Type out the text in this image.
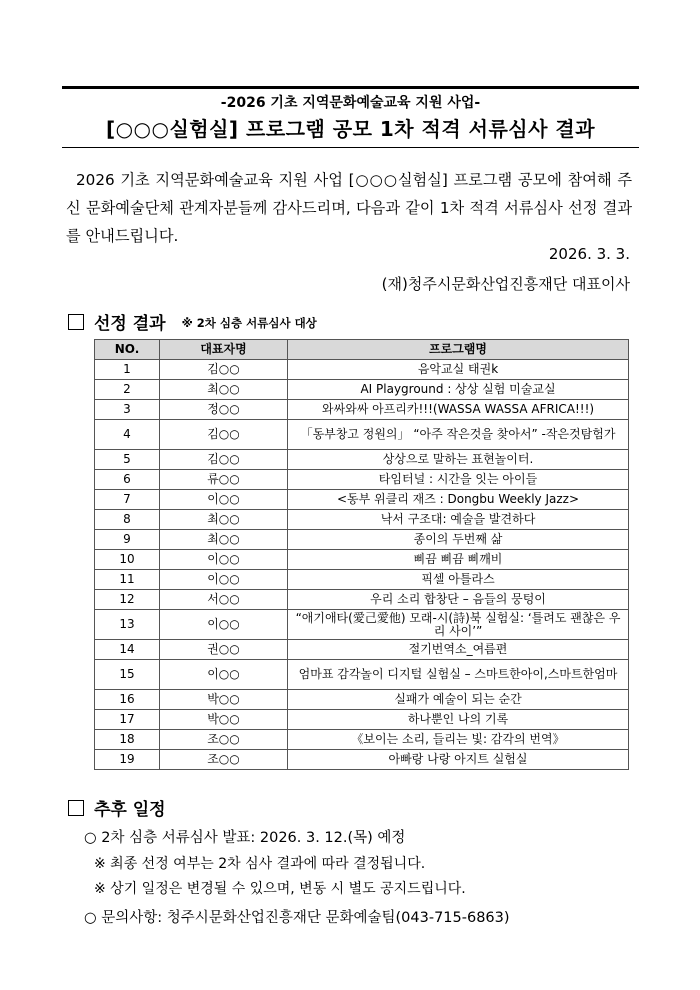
-2026 기초 지역문화예술교육 지원 사업-
[○○○실험실] 프로그램 공모 1차 적격 서류심사 결과
2026 기초 지역문화예술교육 지원 사업 [○○○실험실] 프로그램 공모에 참여해 주신 문화예술단체 관계자분들께 감사드리며, 다음과 같이 1차 적격 서류심사 선정 결과를 안내드립니다.
2026. 3. 3.
(재)청주시문화산업진흥재단 대표이사
선정 결과 ※ 2차 심층 서류심사 대상
NO.	대표자명	프로그램명
1	김○○	음악교실 태권k
2	최○○	AI Playground : 상상 실험 미술교실
3	정○○	와싸와싸 아프리카!!!(WASSA WASSA AFRICA!!!)
4	김○○	「동부창고 정원의」 “아주 작은것을 찾아서” -작은것탐험가
5	김○○	상상으로 말하는 표현놀이터.
6	류○○	타임터널 : 시간을 잇는 아이들
7	이○○	<동부 위클리 재즈 : Dongbu Weekly Jazz>
8	최○○	낙서 구조대: 예술을 발견하다
9	최○○	종이의 두번째 삶
10	이○○	삐끔 삐끔 삐깨비
11	이○○	픽셀 아틀라스
12	서○○	우리 소리 합창단 – 음들의 뭉텅이
13	이○○	“애기애타(愛己愛他) 모래-시(詩)북 실험실: ‘틀려도 괜찮은 우리 사이’”
14	권○○	절기번역소_여름편
15	이○○	엄마표 감각놀이 디지털 실험실 – 스마트한아이,스마트한엄마
16	박○○	실패가 예술이 되는 순간
17	박○○	하나뿐인 나의 기록
18	조○○	《보이는 소리, 들리는 빛: 감각의 번역》
19	조○○	아빠랑 나랑 아지트 실험실
추후 일정
○ 2차 심층 서류심사 발표: 2026. 3. 12.(목) 예정
※ 최종 선정 여부는 2차 심사 결과에 따라 결정됩니다.
※ 상기 일정은 변경될 수 있으며, 변동 시 별도 공지드립니다.
○ 문의사항: 청주시문화산업진흥재단 문화예술팀(043-715-6863)
